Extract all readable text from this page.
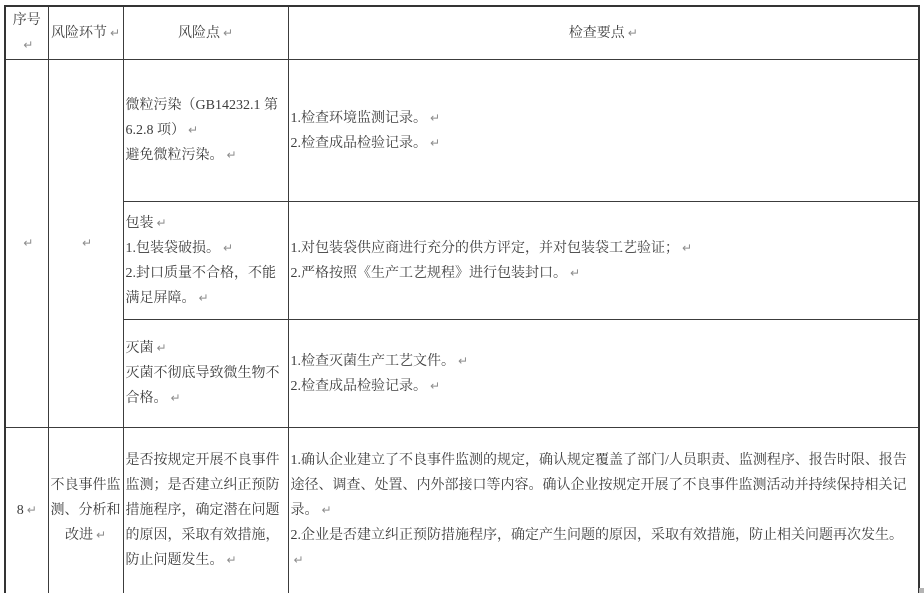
序号↵	风险环节 ↵	风险点 ↵	检查要点 ↵
↵	↵	微粒污染（GB14232.1 第6.2.8 项） ↵
避免微粒污染。 ↵	1.检查环境监测记录。 ↵
2.检查成品检验记录。 ↵
		包装 ↵
1.包装袋破损。 ↵
2.封口质量不合格，不能满足屏障。 ↵	1.对包装袋供应商进行充分的供方评定，并对包装袋工艺验证； ↵
2.严格按照《生产工艺规程》进行包装封口。 ↵
		灭菌 ↵
灭菌不彻底导致微生物不合格。 ↵	1.检查灭菌生产工艺文件。 ↵
2.检查成品检验记录。 ↵
8 ↵	不良事件监测、分析和改进 ↵	是否按规定开展不良事件监测；是否建立纠正预防措施程序，确定潜在问题的原因，采取有效措施，防止问题发生。 ↵	1.确认企业建立了不良事件监测的规定，确认规定覆盖了部门/人员职责、监测程序、报告时限、报告途径、调查、处置、内外部接口等内容。确认企业按规定开展了不良事件监测活动并持续保持相关记录。 ↵
2.企业是否建立纠正预防措施程序，确定产生问题的原因，采取有效措施，防止相关问题再次发生。↵
